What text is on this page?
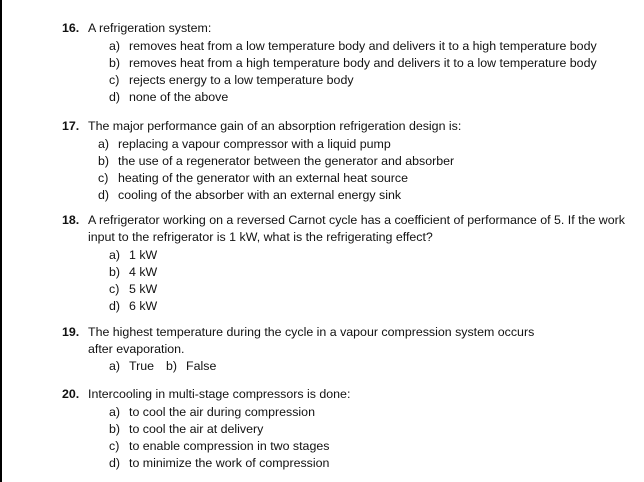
16. A refrigeration system:
a) removes heat from a low temperature body and delivers it to a high temperature body
b) removes heat from a high temperature body and delivers it to a low temperature body
c) rejects energy to a low temperature body
d) none of the above
17. The major performance gain of an absorption refrigeration design is:
a) replacing a vapour compressor with a liquid pump
b) the use of a regenerator between the generator and absorber
c) heating of the generator with an external heat source
d) cooling of the absorber with an external energy sink
18. A refrigerator working on a reversed Carnot cycle has a coefficient of performance of 5. If the work input to the refrigerator is 1 kW, what is the refrigerating effect?
a) 1 kW
b) 4 kW
c) 5 kW
d) 6 kW
19. The highest temperature during the cycle in a vapour compression system occurs after evaporation.
a) True b) False
20. Intercooling in multi-stage compressors is done:
a) to cool the air during compression
b) to cool the air at delivery
c) to enable compression in two stages
d) to minimize the work of compression
